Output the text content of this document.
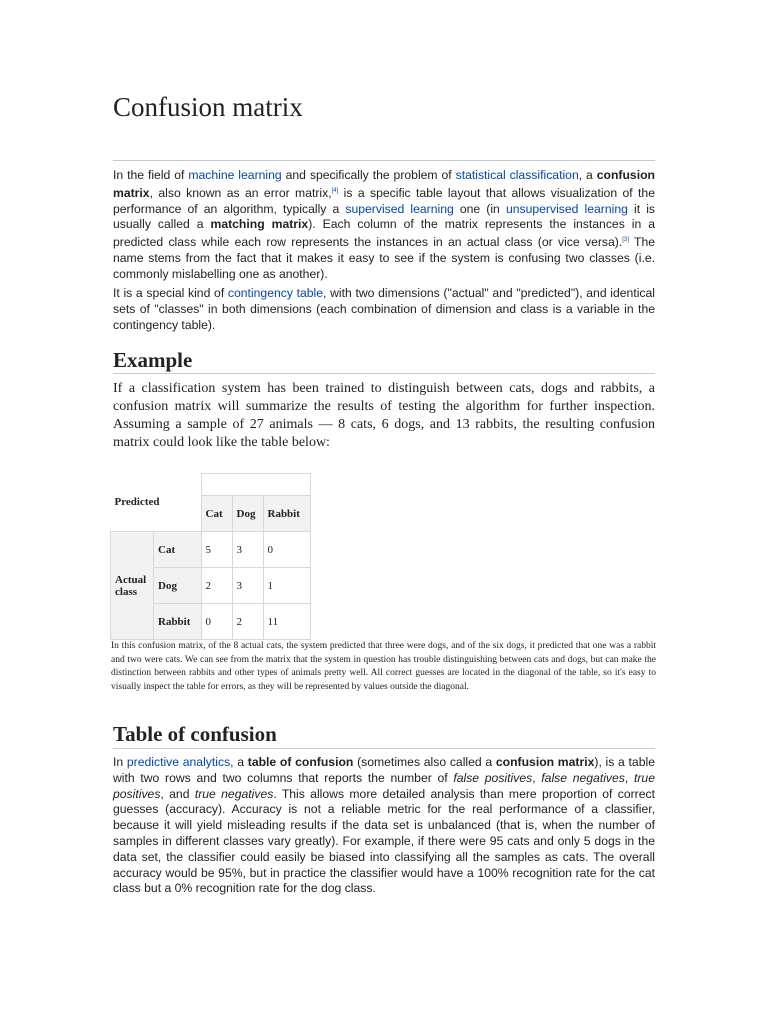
Confusion matrix

In the field of machine learning and specifically the problem of statistical classification, a confusion matrix, also known as an error matrix,[4] is a specific table layout that allows visualization of the performance of an algorithm, typically a supervised learning one (in unsupervised learning it is usually called a matching matrix). Each column of the matrix represents the instances in a predicted class while each row represents the instances in an actual class (or vice versa).[3] The name stems from the fact that it makes it easy to see if the system is confusing two classes (i.e. commonly mislabelling one as another).

It is a special kind of contingency table, with two dimensions ("actual" and "predicted"), and identical sets of "classes" in both dimensions (each combination of dimension and class is a variable in the contingency table).

Example

If a classification system has been trained to distinguish between cats, dogs and rabbits, a confusion matrix will summarize the results of testing the algorithm for further inspection. Assuming a sample of 27 animals — 8 cats, 6 dogs, and 13 rabbits, the resulting confusion matrix could look like the table below:

Predicted				
		Cat	Dog	Rabbit
Actual class	Cat	5	3	0
	Dog	2	3	1
	Rabbit	0	2	11

In this confusion matrix, of the 8 actual cats, the system predicted that three were dogs, and of the six dogs, it predicted that one was a rabbit and two were cats. We can see from the matrix that the system in question has trouble distinguishing between cats and dogs, but can make the distinction between rabbits and other types of animals pretty well. All correct guesses are located in the diagonal of the table, so it's easy to visually inspect the table for errors, as they will be represented by values outside the diagonal.

Table of confusion

In predictive analytics, a table of confusion (sometimes also called a confusion matrix), is a table with two rows and two columns that reports the number of false positives, false negatives, true positives, and true negatives. This allows more detailed analysis than mere proportion of correct guesses (accuracy). Accuracy is not a reliable metric for the real performance of a classifier, because it will yield misleading results if the data set is unbalanced (that is, when the number of samples in different classes vary greatly). For example, if there were 95 cats and only 5 dogs in the data set, the classifier could easily be biased into classifying all the samples as cats. The overall accuracy would be 95%, but in practice the classifier would have a 100% recognition rate for the cat class but a 0% recognition rate for the dog class.
